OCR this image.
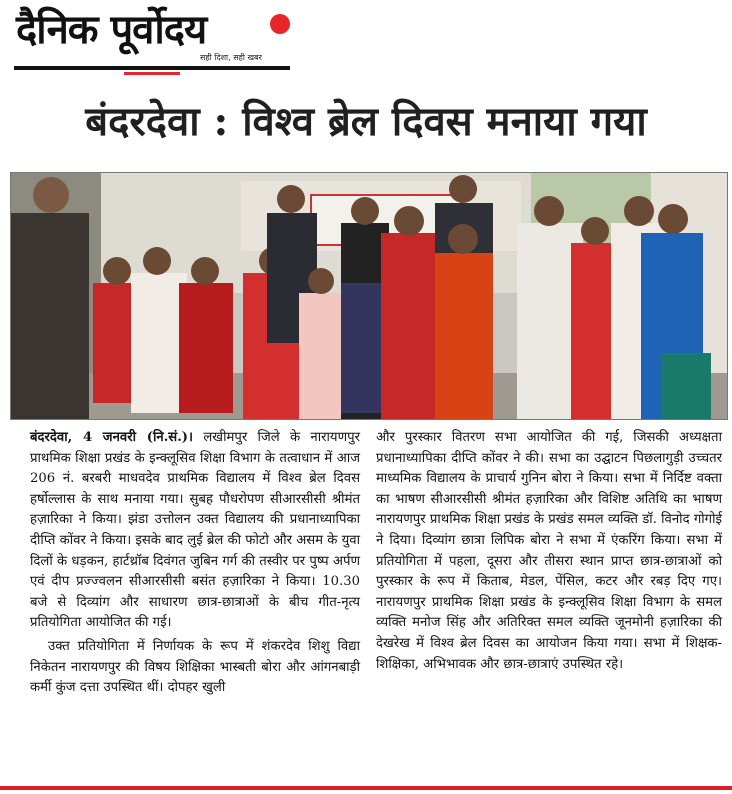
दैनिक पूर्वोदय
सही दिशा, सही खबर
बंदरदेवा : विश्व ब्रेल दिवस मनाया गया

बंदरदेवा, 4 जनवरी (नि.सं.)। लखीमपुर जिले के नारायणपुर प्राथमिक शिक्षा प्रखंड के इन्क्लूसिव शिक्षा विभाग के तत्वाधान में आज 206 नं. बरबरी माधवदेव प्राथमिक विद्यालय में विश्व ब्रेल दिवस हर्षोल्लास के साथ मनाया गया। सुबह पौधरोपण सीआरसीसी श्रीमंत हज़ारिका ने किया। झंडा उत्तोलन उक्त विद्यालय की प्रधानाध्यापिका दीप्ति कोंवर ने किया। इसके बाद लुई ब्रेल की फोटो और असम के युवा दिलों के धड़कन, हार्टथ्रॉब दिवंगत जुबिन गर्ग की तस्वीर पर पुष्प अर्पण एवं दीप प्रज्ज्वलन सीआरसीसी बसंत हज़ारिका ने किया। 10.30 बजे से दिव्यांग और साधारण छात्र-छात्राओं के बीच गीत-नृत्य प्रतियोगिता आयोजित की गई।

उक्त प्रतियोगिता में निर्णायक के रूप में शंकरदेव शिशु विद्या निकेतन नारायणपुर की विषय शिक्षिका भास्बती बोरा और आंगनबाड़ी कर्मी कुंज दत्ता उपस्थित थीं। दोपहर खुली

और पुरस्कार वितरण सभा आयोजित की गई, जिसकी अध्यक्षता प्रधानाध्यापिका दीप्ति कोंवर ने की। सभा का उद्घाटन पिछलागुड़ी उच्चतर माध्यमिक विद्यालय के प्राचार्य गुनिन बोरा ने किया। सभा में निर्दिष्ट वक्ता का भाषण सीआरसीसी श्रीमंत हज़ारिका और विशिष्ट अतिथि का भाषण नारायणपुर प्राथमिक शिक्षा प्रखंड के प्रखंड समल व्यक्ति डॉ. विनोद गोगोई ने दिया। दिव्यांग छात्रा लिपिक बोरा ने सभा में एंकरिंग किया। सभा में प्रतियोगिता में पहला, दूसरा और तीसरा स्थान प्राप्त छात्र-छात्राओं को पुरस्कार के रूप में किताब, मेडल, पेंसिल, कटर और रबड़ दिए गए। नारायणपुर प्राथमिक शिक्षा प्रखंड के इन्क्लूसिव शिक्षा विभाग के समल व्यक्ति मनोज सिंह और अतिरिक्त समल व्यक्ति जूनमोनी हज़ारिका की देखरेख में विश्व ब्रेल दिवस का आयोजन किया गया। सभा में शिक्षक-शिक्षिका, अभिभावक और छात्र-छात्राएं उपस्थित रहे।
